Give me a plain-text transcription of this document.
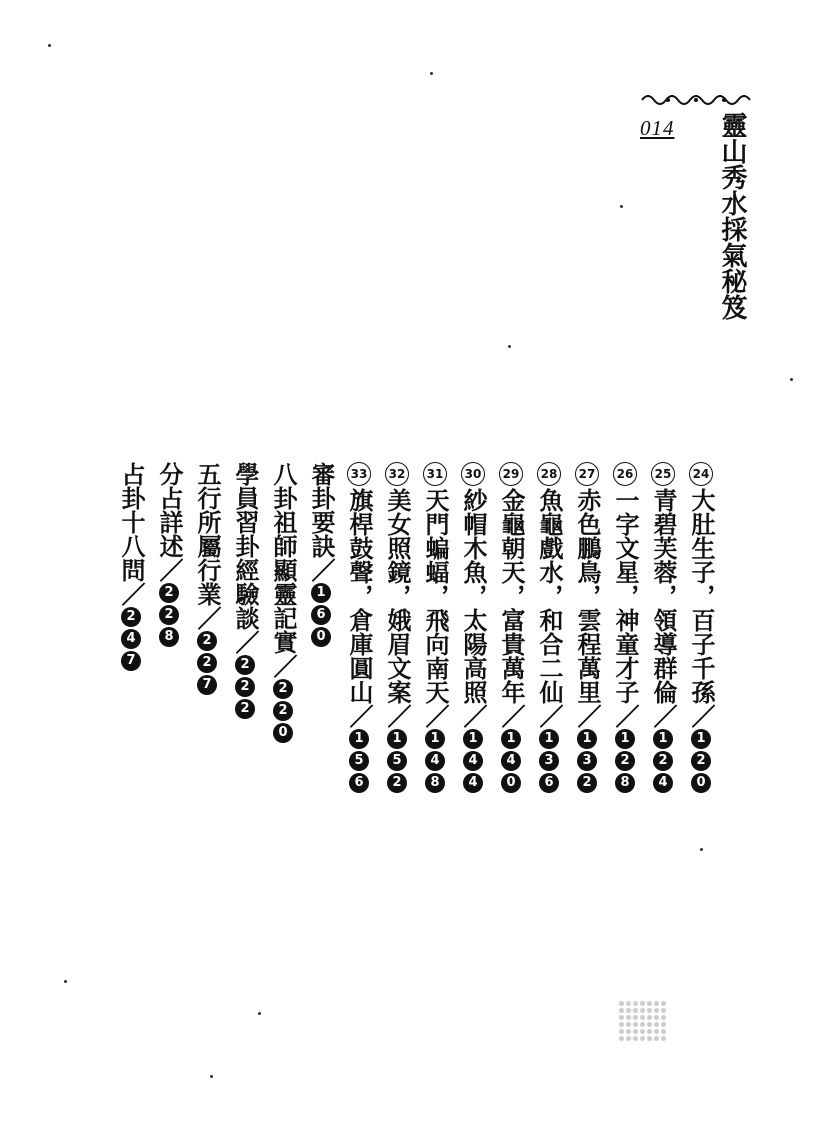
014 靈山秀水採氣秘笈
24大肚生子，百子千孫／120
25青碧芙蓉，領導群倫／124
26一字文星，神童才子／128
27赤色鵬鳥，雲程萬里／132
28魚龜戲水，和合二仙／136
29金龜朝天，富貴萬年／140
30紗帽木魚，太陽高照／144
31天門蝙蝠，飛向南天／148
32美女照鏡，娥眉文案／152
33旗桿鼓聲，倉庫圓山／156
審卦要訣／160
八卦祖師顯靈記實／220
學員習卦經驗談／222
五行所屬行業／227
分占詳述／228
占卦十八問／247
